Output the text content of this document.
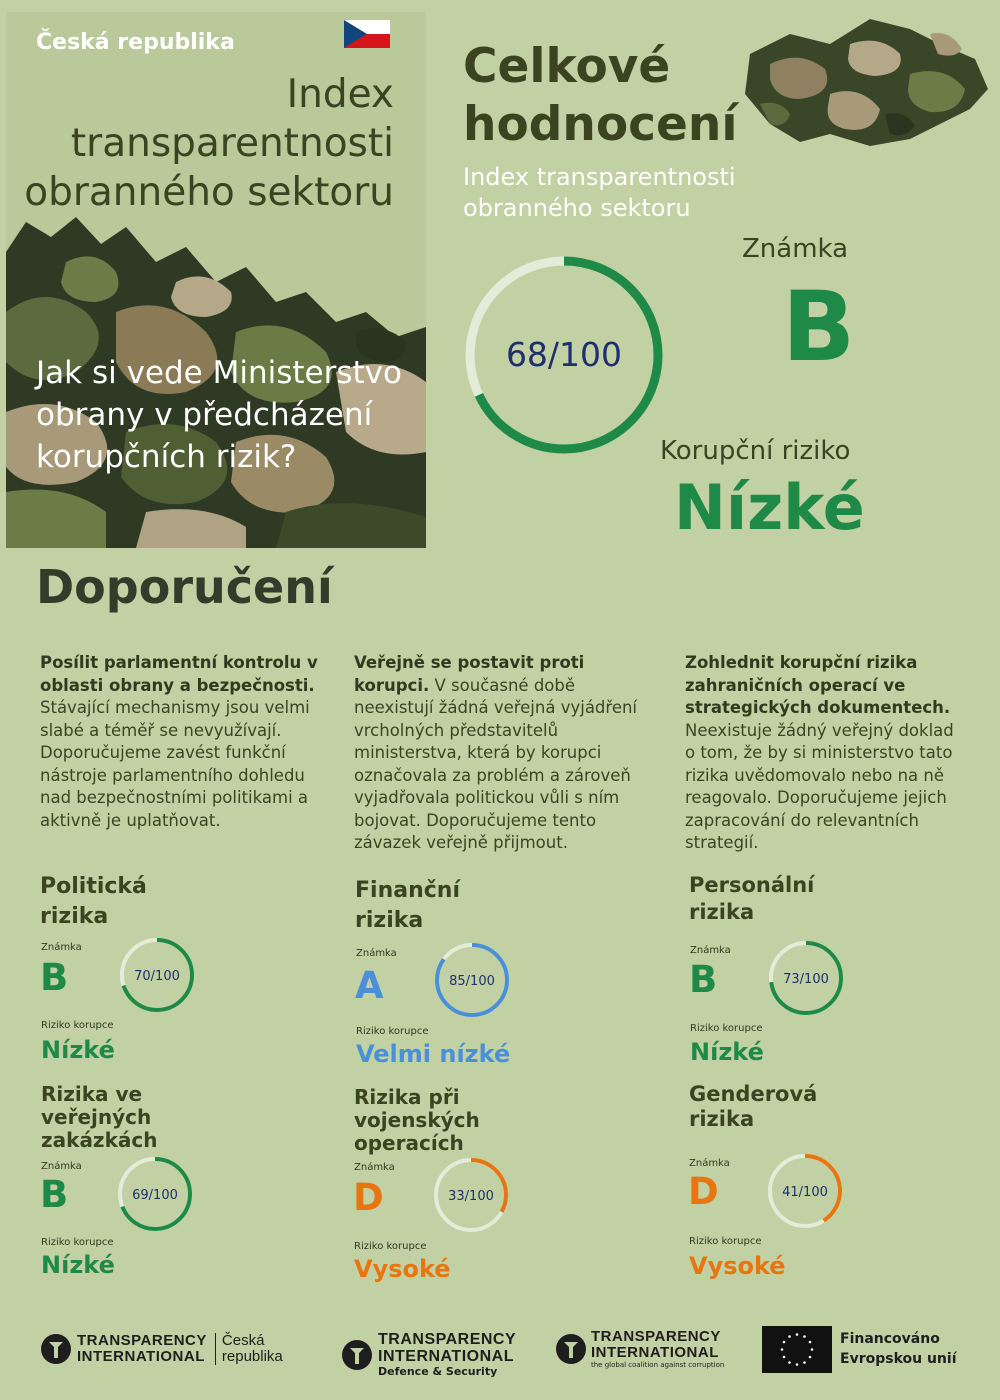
Česká republika
Index transparentnosti obranného sektoru
Jak si vede Ministerstvo obrany v předcházení korupčních rizik?
Celkové
hodnocení
Index transparentnosti obranného sektoru
68/100
Známka
B
Korupční riziko
Nízké
Doporučení
Posílit parlamentní kontrolu v oblasti obrany a bezpečnosti. Stávající mechanismy jsou velmi slabé a téměř se nevyužívají. Doporučujeme zavést funkční nástroje parlamentního dohledu nad bezpečnostními politikami a aktivně je uplatňovat.
Veřejně se postavit proti korupci. V současné době neexistují žádná veřejná vyjádření vrcholných představitelů ministerstva, která by korupci označovala za problém a zároveň vyjadřovala politickou vůli s ním bojovat. Doporučujeme tento závazek veřejně přijmout.
Zohlednit korupční rizika zahraničních operací ve strategických dokumentech. Neexistuje žádný veřejný doklad o tom, že by si ministerstvo tato rizika uvědomovalo nebo na ně reagovalo. Doporučujeme jejich zapracování do relevantních strategií.
Politická
rizika
Známka
B	70/100
Riziko korupce
Nízké
Finanční
rizika
Známka
A	85/100
Riziko korupce
Velmi nízké
Personální
rizika
Známka
B	73/100
Riziko korupce
Nízké
Rizika ve
veřejných
zakázkách
Známka
B	69/100
Riziko korupce
Nízké
Rizika při
vojenských
operacích
Známka
D	33/100
Riziko korupce
Vysoké
Genderová
rizika
Známka
D	41/100
Riziko korupce
Vysoké
TRANSPARENCY
INTERNATIONAL
Česká
republika
TRANSPARENCY
INTERNATIONAL
Defence & Security
TRANSPARENCY
INTERNATIONAL
the global coalition against corruption
Financováno
Evropskou unií
